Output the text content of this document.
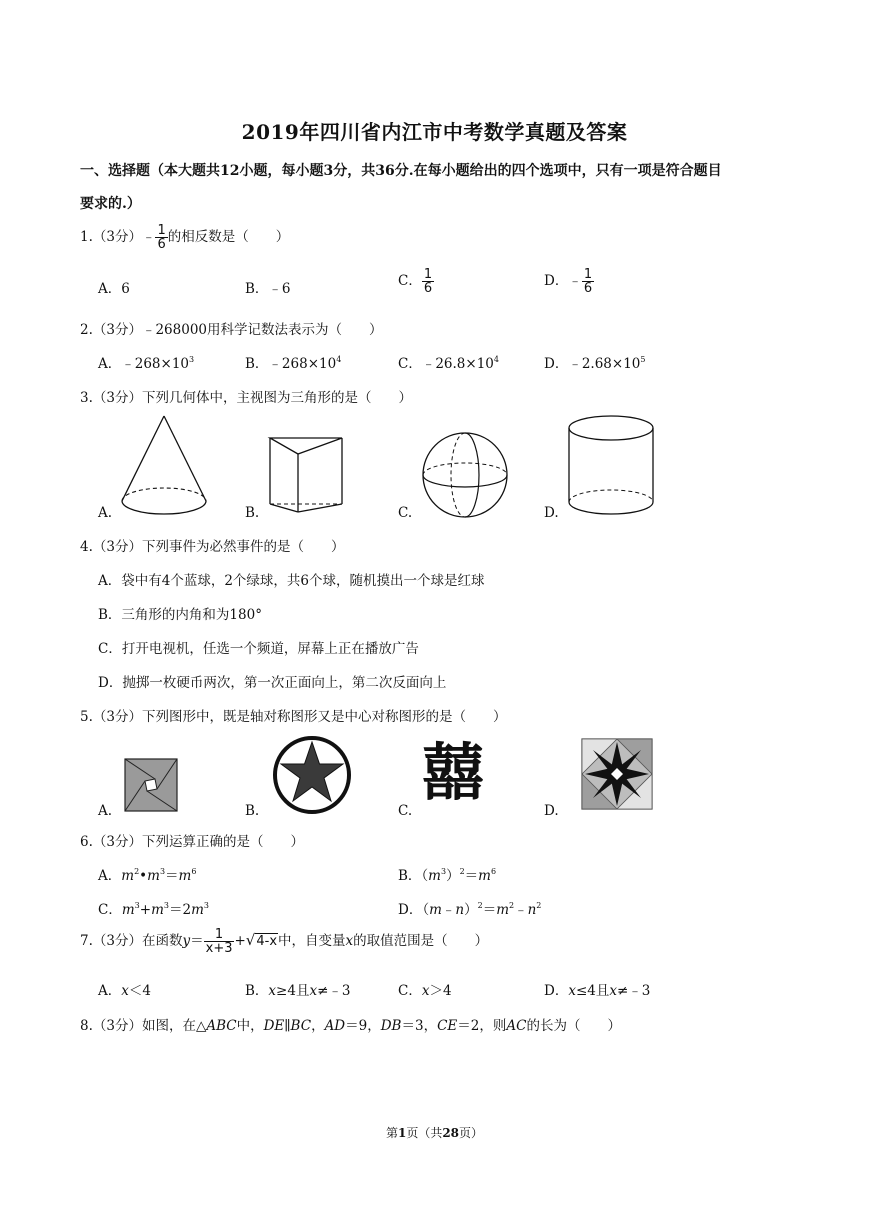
2019年四川省内江市中考数学真题及答案
一、选择题（本大题共12小题，每小题3分，共36分.在每小题给出的四个选项中，只有一项是符合题目
要求的.）
1.（3分）﹣ $\frac{1}{6}$ 的相反数是（　　）
A．6	B．﹣6	C． $\frac{1}{6}$	D．﹣ $\frac{1}{6}$
2.（3分）﹣268000用科学记数法表示为（　　）
A．$﹣268\times 10^3$	B．$﹣268\times 10^4$	C．$﹣26.8\times 10^4$	D．$﹣2.68\times 10^5$
3.（3分）下列几何体中，主视图为三角形的是（　　）
A.	B.	C.	D.
4.（3分）下列事件为必然事件的是（　　）
A．袋中有4个蓝球，2个绿球，共6个球，随机摸出一个球是红球
B．三角形的内角和为180°
C．打开电视机，任选一个频道，屏幕上正在播放广告
D．抛掷一枚硬币两次，第一次正面向上，第二次反面向上
5.（3分）下列图形中，既是轴对称图形又是中心对称图形的是（　　）
A.	B.	C.	D.
囍
6.（3分）下列运算正确的是（　　）
A．$m^2•m^3=m^6$	B．$(m^3)^2=m^6$
C．$m^3+m^3=2m^3$	D．$(m﹣n)^2=m^2﹣n^2$
7.（3分）在函数$y= \frac{1}{x+3} +√4-x$中，自变量x的取值范围是（　　）
A．x＜4	B．x≥4且x≠﹣3	C．x＞4	D．x≤4且x≠﹣3
8.（3分）如图，在△ABC中，DE∥BC，AD＝9，DB＝3，CE＝2，则AC的长为（　　）
第1页（共28页）
